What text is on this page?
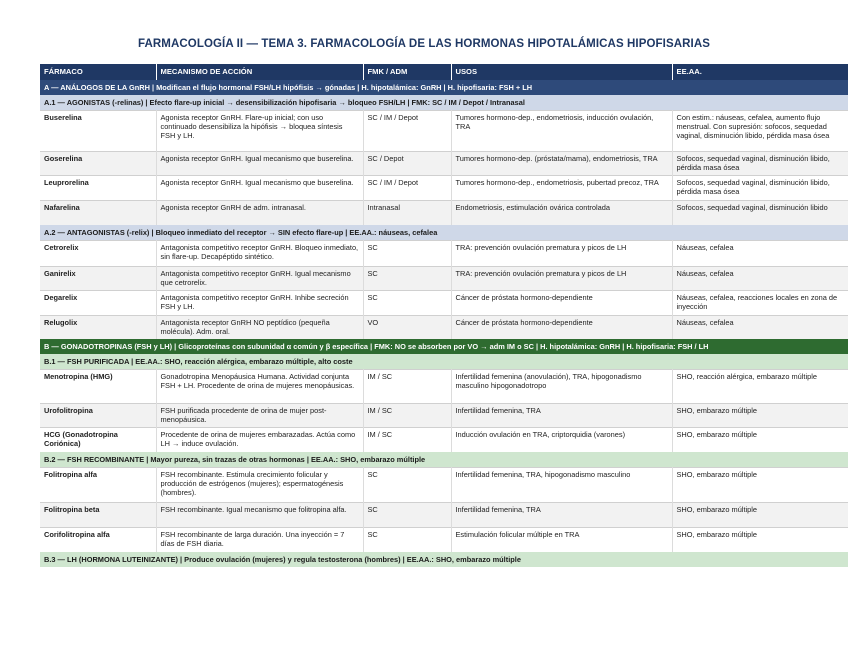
FARMACOLOGÍA II — TEMA 3. FARMACOLOGÍA DE LAS HORMONAS HIPOTALÁMICAS HIPOFISARIAS
FÁRMACO	MECANISMO DE ACCIÓN	FMK / ADM	USOS	EE.AA.
A — ANÁLOGOS DE LA GnRH | Modifican el flujo hormonal FSH/LH hipófisis → gónadas | H. hipotalámica: GnRH | H. hipofisaria: FSH + LH				
A.1 — AGONISTAS (-relinas) | Efecto flare-up inicial → desensibilización hipofisaria → bloqueo FSH/LH | FMK: SC / IM / Depot / Intranasal				
Buserelina	Agonista receptor GnRH. Flare-up inicial; con uso continuado desensibiliza la hipófisis → bloquea síntesis FSH y LH.	SC / IM / Depot	Tumores hormono-dep., endometriosis, inducción ovulación, TRA	Con estim.: náuseas, cefalea, aumento flujo menstrual. Con supresión: sofocos, sequedad vaginal, disminución libido, pérdida masa ósea
Goserelina	Agonista receptor GnRH. Igual mecanismo que buserelina.	SC / Depot	Tumores hormono-dep. (próstata/mama), endometriosis, TRA	Sofocos, sequedad vaginal, disminución libido, pérdida masa ósea
Leuprorelina	Agonista receptor GnRH. Igual mecanismo que buserelina.	SC / IM / Depot	Tumores hormono-dep., endometriosis, pubertad precoz, TRA	Sofocos, sequedad vaginal, disminución libido, pérdida masa ósea
Nafarelina	Agonista receptor GnRH de adm. intranasal.	Intranasal	Endometriosis, estimulación ovárica controlada	Sofocos, sequedad vaginal, disminución libido
A.2 — ANTAGONISTAS (-relix) | Bloqueo inmediato del receptor → SIN efecto flare-up | EE.AA.: náuseas, cefalea				
Cetrorelix	Antagonista competitivo receptor GnRH. Bloqueo inmediato, sin flare-up. Decapéptido sintético.	SC	TRA: prevención ovulación prematura y picos de LH	Náuseas, cefalea
Ganirelix	Antagonista competitivo receptor GnRH. Igual mecanismo que cetrorelix.	SC	TRA: prevención ovulación prematura y picos de LH	Náuseas, cefalea
Degarelix	Antagonista competitivo receptor GnRH. Inhibe secreción FSH y LH.	SC	Cáncer de próstata hormono-dependiente	Náuseas, cefalea, reacciones locales en zona de inyección
Relugolix	Antagonista receptor GnRH NO peptídico (pequeña molécula). Adm. oral.	VO	Cáncer de próstata hormono-dependiente	Náuseas, cefalea
B — GONADOTROPINAS (FSH y LH) | Glicoproteínas con subunidad α común y β específica | FMK: NO se absorben por VO → adm IM o SC | H. hipotalámica: GnRH | H. hipofisaria: FSH / LH				
B.1 — FSH PURIFICADA | EE.AA.: SHO, reacción alérgica, embarazo múltiple, alto coste				
Menotropina (HMG)	Gonadotropina Menopáusica Humana. Actividad conjunta FSH + LH. Procedente de orina de mujeres menopáusicas.	IM / SC	Infertilidad femenina (anovulación), TRA, hipogonadismo masculino hipogonadotropo	SHO, reacción alérgica, embarazo múltiple
Urofolitropina	FSH purificada procedente de orina de mujer post-menopáusica.	IM / SC	Infertilidad femenina, TRA	SHO, embarazo múltiple
HCG (Gonadotropina Coriónica)	Procedente de orina de mujeres embarazadas. Actúa como LH → induce ovulación.	IM / SC	Inducción ovulación en TRA, criptorquidia (varones)	SHO, embarazo múltiple
B.2 — FSH RECOMBINANTE | Mayor pureza, sin trazas de otras hormonas | EE.AA.: SHO, embarazo múltiple				
Folitropina alfa	FSH recombinante. Estimula crecimiento folicular y producción de estrógenos (mujeres); espermatogénesis (hombres).	SC	Infertilidad femenina, TRA, hipogonadismo masculino	SHO, embarazo múltiple
Folitropina beta	FSH recombinante. Igual mecanismo que folitropina alfa.	SC	Infertilidad femenina, TRA	SHO, embarazo múltiple
Corifolitropina alfa	FSH recombinante de larga duración. Una inyección = 7 días de FSH diaria.	SC	Estimulación folicular múltiple en TRA	SHO, embarazo múltiple
B.3 — LH (HORMONA LUTEINIZANTE) | Produce ovulación (mujeres) y regula testosterona (hombres) | EE.AA.: SHO, embarazo múltiple				
